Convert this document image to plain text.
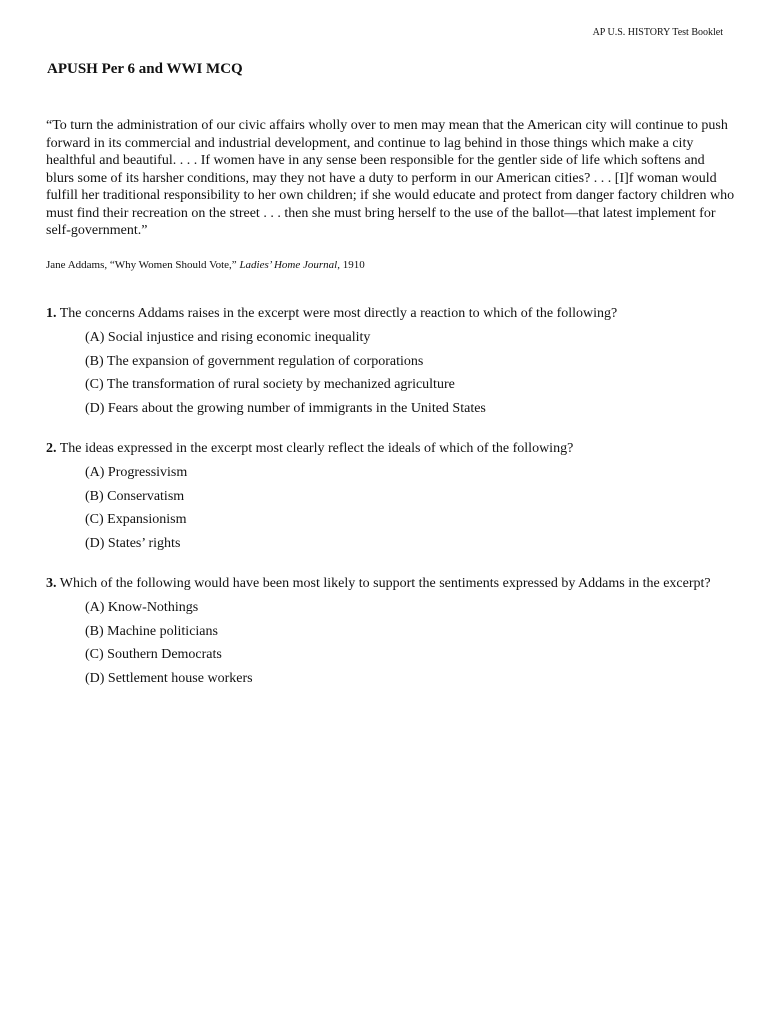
AP U.S. HISTORY Test Booklet
APUSH Per 6 and WWI MCQ

“To turn the administration of our civic affairs wholly over to men may mean that the American city will continue to push forward in its commercial and industrial development, and continue to lag behind in those things which make a city healthful and beautiful. . . . If women have in any sense been responsible for the gentler side of life which softens and blurs some of its harsher conditions, may they not have a duty to perform in our American cities? . . . [I]f woman would fulfill her traditional responsibility to her own children; if she would educate and protect from danger factory children who must find their recreation on the street . . . then she must bring herself to the use of the ballot—that latest implement for self-government.”

Jane Addams, “Why Women Should Vote,” Ladies’ Home Journal, 1910

1. The concerns Addams raises in the excerpt were most directly a reaction to which of the following?

(A) Social injustice and rising economic inequality
(B) The expansion of government regulation of corporations
(C) The transformation of rural society by mechanized agriculture
(D) Fears about the growing number of immigrants in the United States

2. The ideas expressed in the excerpt most clearly reflect the ideals of which of the following?

(A) Progressivism
(B) Conservatism
(C) Expansionism
(D) States’ rights

3. Which of the following would have been most likely to support the sentiments expressed by Addams in the excerpt?

(A) Know-Nothings
(B) Machine politicians
(C) Southern Democrats
(D) Settlement house workers
